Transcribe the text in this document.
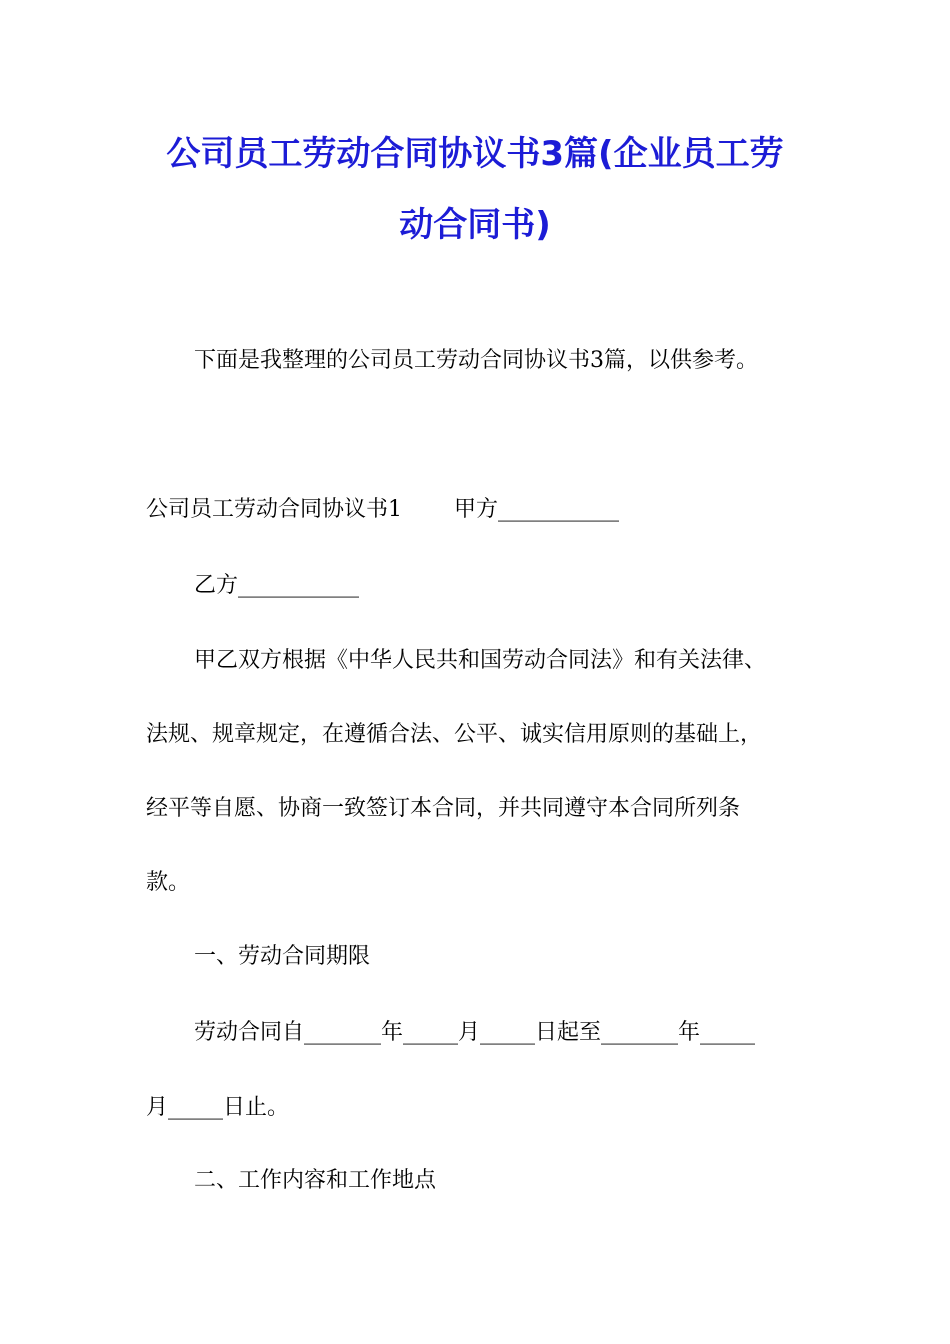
公司员工劳动合同协议书3篇(企业员工劳
动合同书)
下面是我整理的公司员工劳动合同协议书3篇，以供参考。
公司员工劳动合同协议书1 甲方___________
乙方___________
甲乙双方根据《中华人民共和国劳动合同法》和有关法律、
法规、规章规定，在遵循合法、公平、诚实信用原则的基础上，
经平等自愿、协商一致签订本合同，并共同遵守本合同所列条
款。
一、劳动合同期限
劳动合同自_______年_____月_____日起至_______年_____
月_____日止。
二、工作内容和工作地点
